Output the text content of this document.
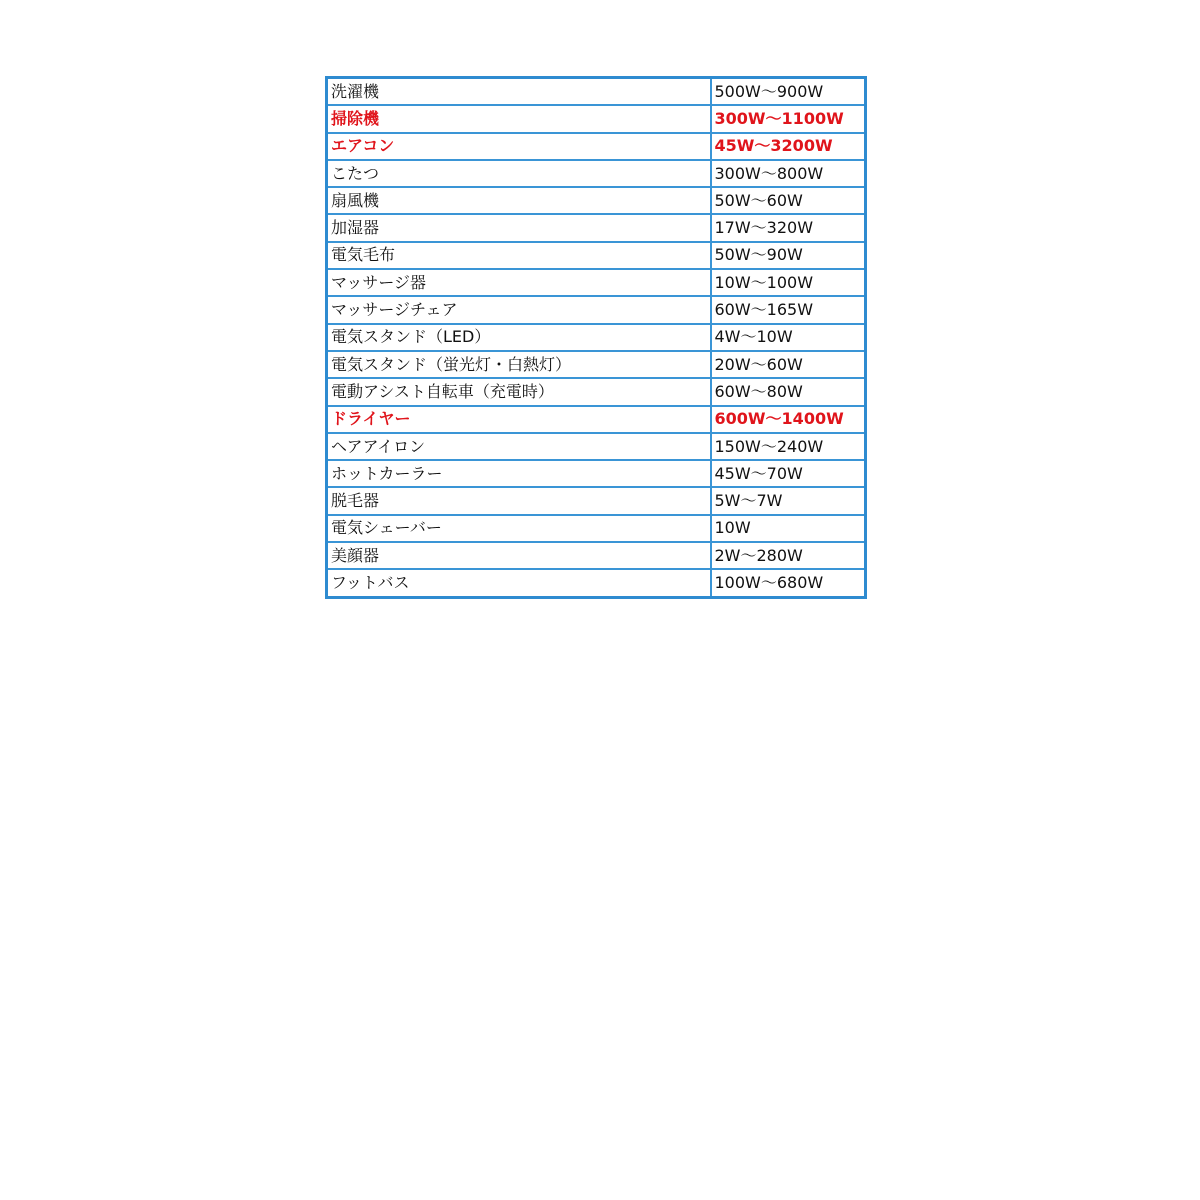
洗濯機	500W～900W
掃除機	300W～1100W
エアコン	45W～3200W
こたつ	300W～800W
扇風機	50W～60W
加湿器	17W～320W
電気毛布	50W～90W
マッサージ器	10W～100W
マッサージチェア	60W～165W
電気スタンド（LED）	4W～10W
電気スタンド（蛍光灯・白熱灯）	20W～60W
電動アシスト自転車（充電時）	60W～80W
ドライヤー	600W～1400W
ヘアアイロン	150W～240W
ホットカーラー	45W～70W
脱毛器	5W～7W
電気シェーバー	10W
美顔器	2W～280W
フットバス	100W～680W
